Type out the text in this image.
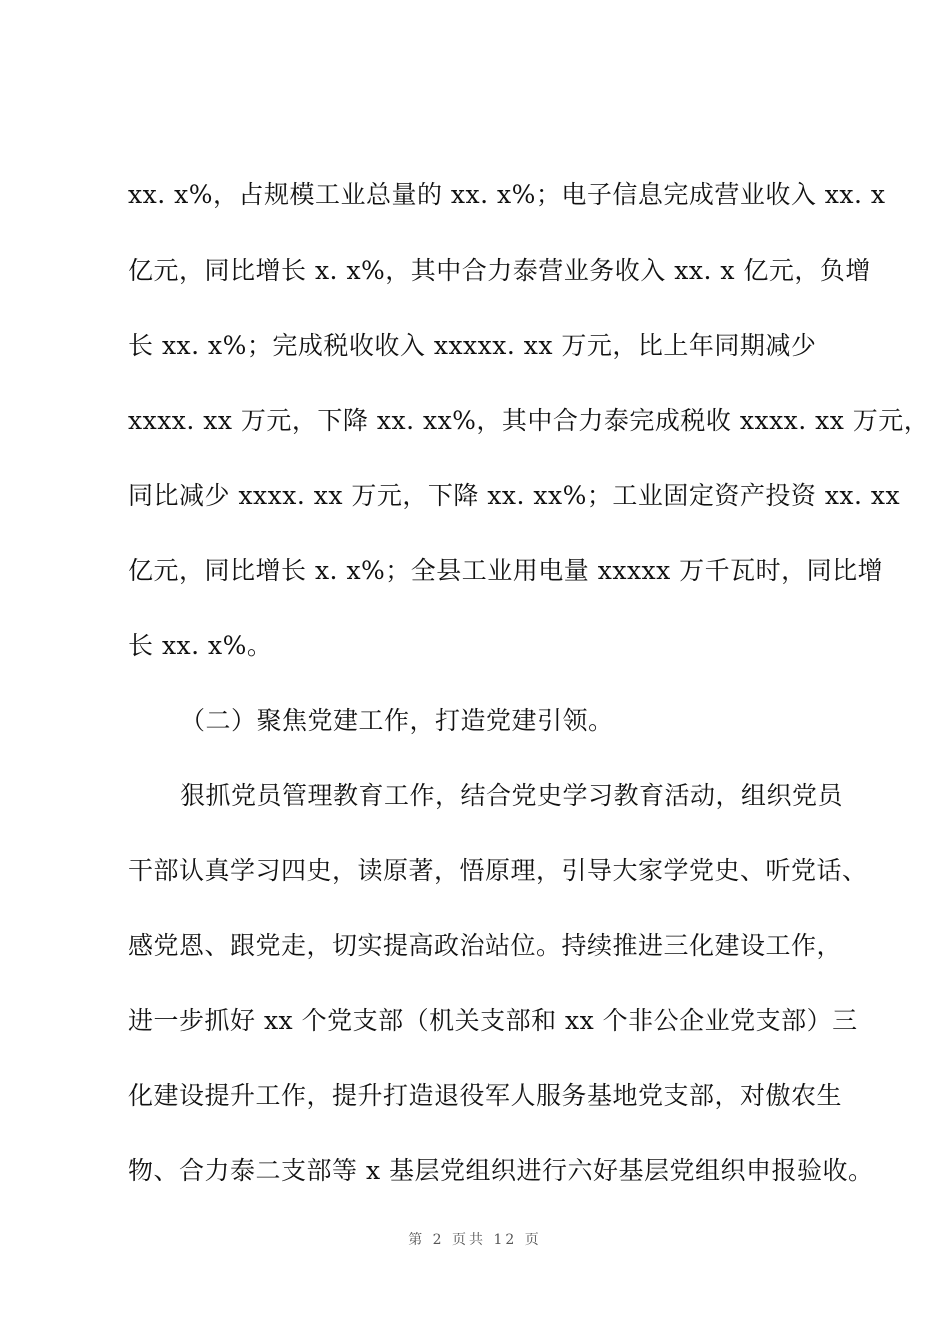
xx. x%，占规模工业总量的 xx. x%；电子信息完成营业收入 xx. x
亿元，同比增长 x. x%，其中合力泰营业务收入 xx. x 亿元，负增
长 xx. x%；完成税收收入 xxxxx. xx 万元，比上年同期减少
xxxx. xx 万元，下降 xx. xx%，其中合力泰完成税收 xxxx. xx 万元，
同比减少 xxxx. xx 万元，下降 xx. xx%；工业固定资产投资 xx. xx
亿元，同比增长 x. x%；全县工业用电量 xxxxx 万千瓦时，同比增
长 xx. x%。
（二）聚焦党建工作，打造党建引领。
狠抓党员管理教育工作，结合党史学习教育活动，组织党员
干部认真学习四史，读原著，悟原理，引导大家学党史、听党话、
感党恩、跟党走，切实提高政治站位。持续推进三化建设工作，
进一步抓好 xx 个党支部（机关支部和 xx 个非公企业党支部）三
化建设提升工作，提升打造退役军人服务基地党支部，对傲农生
物、合力泰二支部等 x 基层党组织进行六好基层党组织申报验收。
第 2 页共 12 页
